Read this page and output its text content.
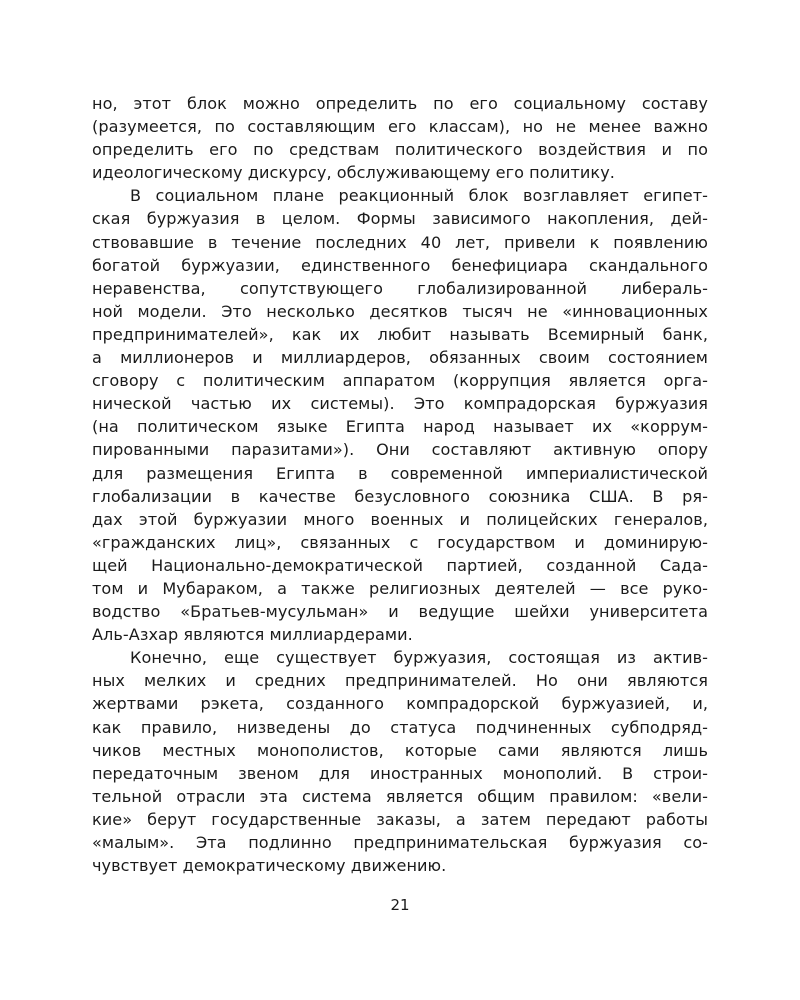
но, этот блок можно определить по его социальному составу
(разумеется, по составляющим его классам), но не менее важно
определить его по средствам политического воздействия и по
идеологическому дискурсу, обслуживающему его политику.
В социальном плане реакционный блок возглавляет египет-
ская буржуазия в целом. Формы зависимого накопления, дей-
ствовавшие в течение последних 40 лет, привели к появлению
богатой буржуазии, единственного бенефициара скандального
неравенства, сопутствующего глобализированной либераль-
ной модели. Это несколько десятков тысяч не «инновационных
предпринимателей», как их любит называть Всемирный банк,
а миллионеров и миллиардеров, обязанных своим состоянием
сговору с политическим аппаратом (коррупция является орга-
нической частью их системы). Это компрадорская буржуазия
(на политическом языке Египта народ называет их «коррум-
пированными паразитами»). Они составляют активную опору
для размещения Египта в современной империалистической
глобализации в качестве безусловного союзника США. В ря-
дах этой буржуазии много военных и полицейских генералов,
«гражданских лиц», связанных с государством и доминирую-
щей Национально-демократической партией, созданной Сада-
том и Мубараком, а также религиозных деятелей — все руко-
водство «Братьев-мусульман» и ведущие шейхи университета
Аль-Азхар являются миллиардерами.
Конечно, еще существует буржуазия, состоящая из актив-
ных мелких и средних предпринимателей. Но они являются
жертвами рэкета, созданного компрадорской буржуазией, и,
как правило, низведены до статуса подчиненных субподряд-
чиков местных монополистов, которые сами являются лишь
передаточным звеном для иностранных монополий. В строи-
тельной отрасли эта система является общим правилом: «вели-
кие» берут государственные заказы, а затем передают работы
«малым». Эта подлинно предпринимательская буржуазия со-
чувствует демократическому движению.
21
